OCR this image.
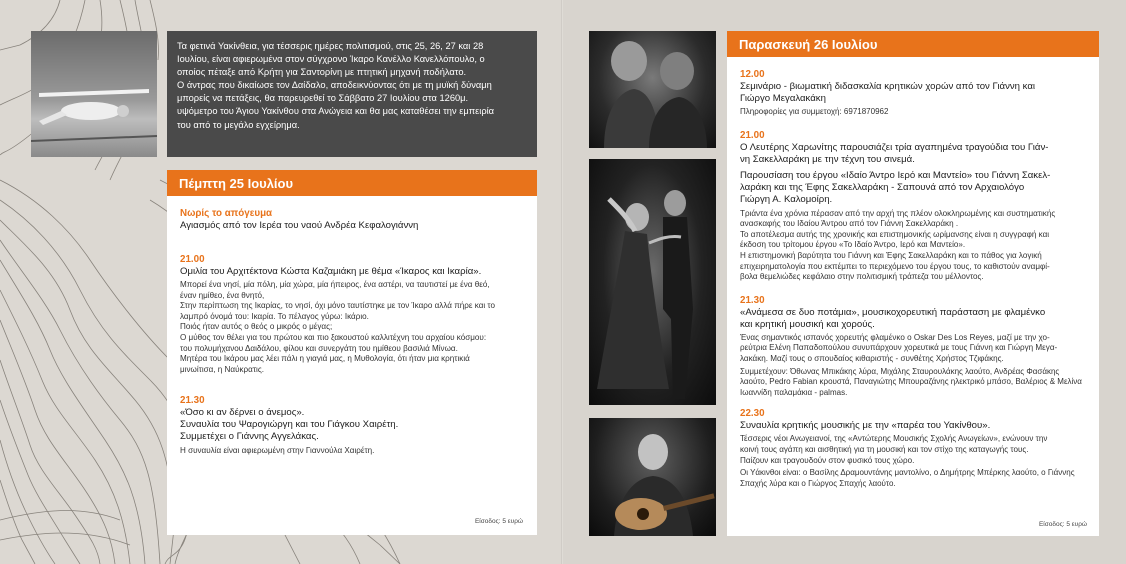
Τα φετινά Υακίνθεια, για τέσσερις ημέρες πολιτισμού, στις 25, 26, 27 και 28
Ιουλίου, είναι αφιερωμένα στον σύγχρονο Ίκαρο Κανέλλο Κανελλόπουλο, ο
οποίος πέταξε από Κρήτη για Σαντορίνη με πτητική μηχανή ποδήλατο.
Ο άντρας που δικαίωσε τον Δαίδαλο, αποδεικνύοντας ότι με τη μυϊκή δύναμη
μπορείς να πετάξεις, θα παρευρεθεί το Σάββατο 27 Ιουλίου στα 1260μ.
υψόμετρο του Άγιου Υακίνθου στα Ανώγεια και θα μας καταθέσει την εμπειρία
του από το μεγάλο εγχείρημα.
Πέμπτη 25 Ιουλίου
Νωρίς το απόγευμα
Αγιασμός από τον Ιερέα του ναού Ανδρέα Κεφαλογιάννη
21.00
Ομιλία του Αρχιτέκτονα Κώστα Καζαμιάκη με θέμα «Ίκαρος και Ικαρία».
Μπορεί ένα νησί, μία πόλη, μία χώρα, μία ήπειρος, ένα αστέρι, να ταυτιστεί με ένα θεό,
έναν ημίθεο, ένα θνητό,
Στην περίπτωση της Ικαρίας, το νησί, όχι μόνο ταυτίστηκε με τον Ίκαρο αλλά πήρε και το
λαμπρό όνομά του: Ικαρία. Το πέλαγος γύρω: Ικάριο.
Ποιός ήταν αυτός ο θεός ο μικρός ο μέγας;
Ο μύθος τον θέλει για του πρώτου και πιο ξακουστού καλλιτέχνη του αρχαίου κόσμου:
του πολυμήχανου Δαιδάλου, φίλου και συνεργάτη του ημίθεου βασιλιά Μίνωα.
Μητέρα του Ικάρου μας λέει πάλι η γιαγιά μας, η Μυθολογία, ότι ήταν μια κρητικιά
μινωίτισα, η Ναύκρατις.
21.30
«Όσο κι αν δέρνει ο άνεμος».
Συναυλία του Ψαρογιώργη και του Γιάγκου Χαιρέτη.
Συμμετέχει ο Γιάννης Αγγελάκας.
Η συναυλία είναι αφιερωμένη στην Γιαννούλα Χαιρέτη.
Είσοδος: 5 ευρώ
Παρασκευή 26 Ιουλίου
12.00
Σεμινάριο - βιωματική διδασκαλία κρητικών χορών από τον Γιάννη και
Γιώργο Μεγαλακάκη
Πληροφορίες για συμμετοχή: 6971870962
21.00
Ο Λευτέρης Χαρωνίτης παρουσιάζει τρία αγαπημένα τραγούδια του Γιάν-
νη Σακελλαράκη με την τέχνη του σινεμά.
Παρουσίαση του έργου «Ιδαίο Άντρο Ιερό και Μαντείο» του Γιάννη Σακελ-
λαράκη και της Έφης Σακελλαράκη - Σαπουνά από τον Αρχαιολόγο
Γιώργη Α. Καλομοίρη.
Τριάντα ένα χρόνια πέρασαν από την αρχή της πλέον ολοκληρωμένης και συστηματικής
ανασκαφής του Ιδαίου Άντρου από τον Γιάννη Σακελλαράκη .
Το αποτέλεσμα αυτής της χρονικής και επιστημονικής ωρίμανσης είναι η συγγραφή και
έκδοση του τρίτομου έργου «Το Ιδαίο Άντρο, Ιερό και Μαντείο».
Η επιστημονική βαρύτητα του Γιάννη και Έφης Σακελλαράκη και το πάθος για λογική
επιχειρηματολογία που εκπέμπει το περιεχόμενο του έργου τους, το καθιστούν αναμφί-
βολα θεμελιώδες κεφάλαιο στην πολιτισμική τράπεζα του μέλλοντος.
21.30
«Ανάμεσα σε δυο ποτάμια», μουσικοχορευτική παράσταση με φλαμένκο
και κρητική μουσική και χορούς.
Ένας σημαντικός ισπανός χορευτής φλαμένκο ο Oskar Des Los Reyes, μαζί με την χο-
ρεύτρια Ελένη Παπαδοπούλου συνυπάρχουν χορευτικά με τους Γιάννη και Γιώργη Μεγα-
λακάκη. Μαζί τους ο σπουδαίος κιθαριστής - συνθέτης Χρήστος Τζιφάκης.
Συμμετέχουν: Όθωνας Μπικάκης λύρα, Μιχάλης Σταυρουλάκης λαούτο, Ανδρέας Φασάκης
λαούτο, Pedro Fabian κρουστά, Παναγιώτης Μπουραζάνης ηλεκτρικό μπάσο, Βαλέριος & Μελίνα
Ιωαννίδη παλαμάκια - palmas.
22.30
Συναυλία κρητικής μουσικής με την «παρέα του Υακίνθου».
Τέσσερις νέοι Ανωγειανοί, της «Αντώτερης Μουσικής Σχολής Ανωγείων», ενώνουν την
κοινή τους αγάπη και αισθητική για τη μουσική και τον στίχο της καταγωγής τους.
Παίζουν και τραγουδούν στον φυσικό τους χώρο.
Οι Υάκινθοι είναι: ο Βασίλης Δραμουντάνης μαντολίνο, ο Δημήτρης Μπέρκης λαούτο, ο Γιάννης
Σπαχής λύρα και ο Γιώργος Σπαχής λαούτο.
Είσοδος: 5 ευρώ
